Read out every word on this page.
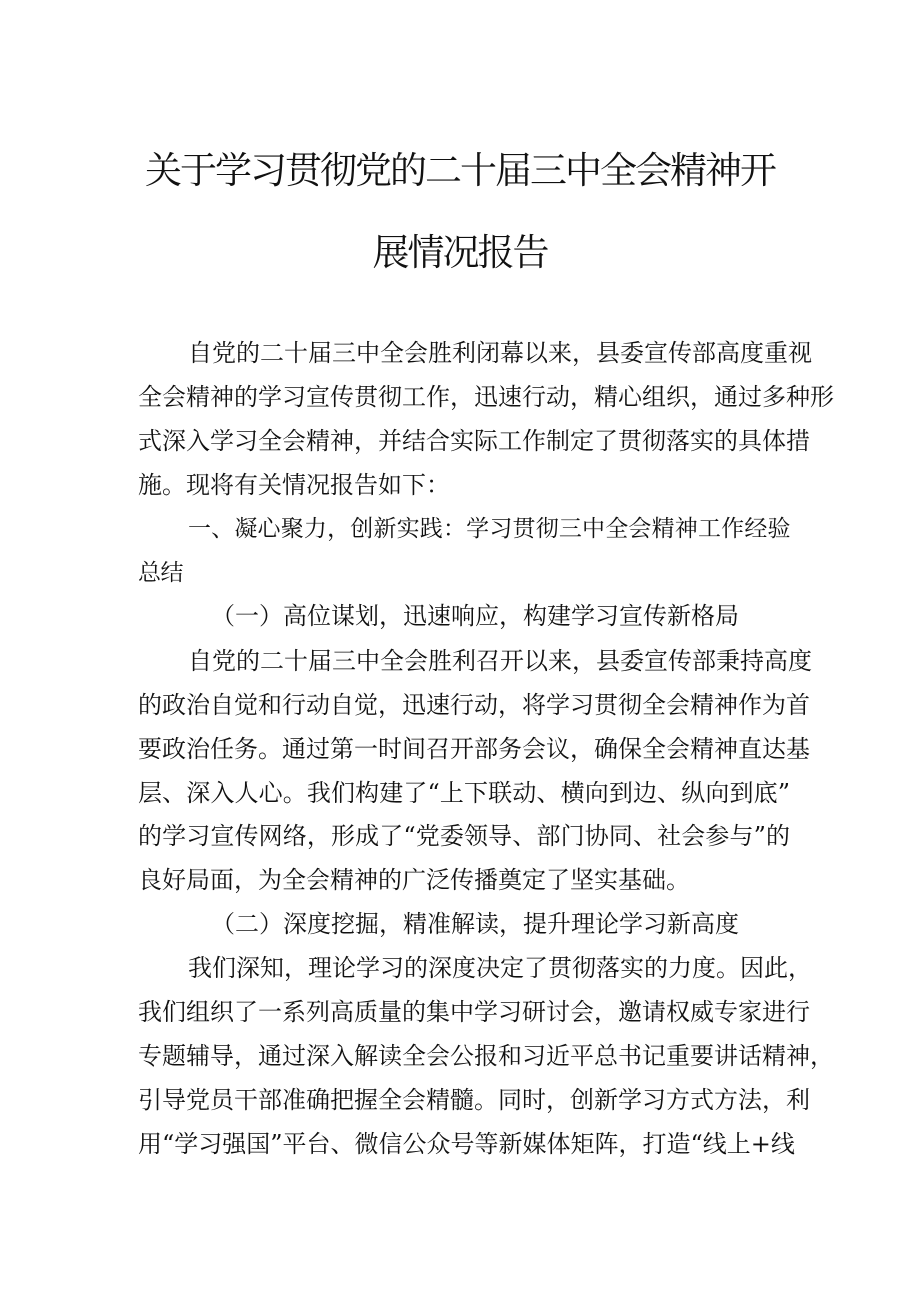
关于学习贯彻党的二十届三中全会精神开
展情况报告
自党的二十届三中全会胜利闭幕以来，县委宣传部高度重视
全会精神的学习宣传贯彻工作，迅速行动，精心组织，通过多种形
式深入学习全会精神，并结合实际工作制定了贯彻落实的具体措
施。现将有关情况报告如下：
一、凝心聚力，创新实践：学习贯彻三中全会精神工作经验
总结
（一）高位谋划，迅速响应，构建学习宣传新格局
自党的二十届三中全会胜利召开以来，县委宣传部秉持高度
的政治自觉和行动自觉，迅速行动，将学习贯彻全会精神作为首
要政治任务。通过第一时间召开部务会议，确保全会精神直达基
层、深入人心。我们构建了“上下联动、横向到边、纵向到底”
的学习宣传网络，形成了“党委领导、部门协同、社会参与”的
良好局面，为全会精神的广泛传播奠定了坚实基础。
（二）深度挖掘，精准解读，提升理论学习新高度
我们深知，理论学习的深度决定了贯彻落实的力度。因此，
我们组织了一系列高质量的集中学习研讨会，邀请权威专家进行
专题辅导，通过深入解读全会公报和习近平总书记重要讲话精神，
引导党员干部准确把握全会精髓。同时，创新学习方式方法，利
用“学习强国”平台、微信公众号等新媒体矩阵，打造“线上+线
